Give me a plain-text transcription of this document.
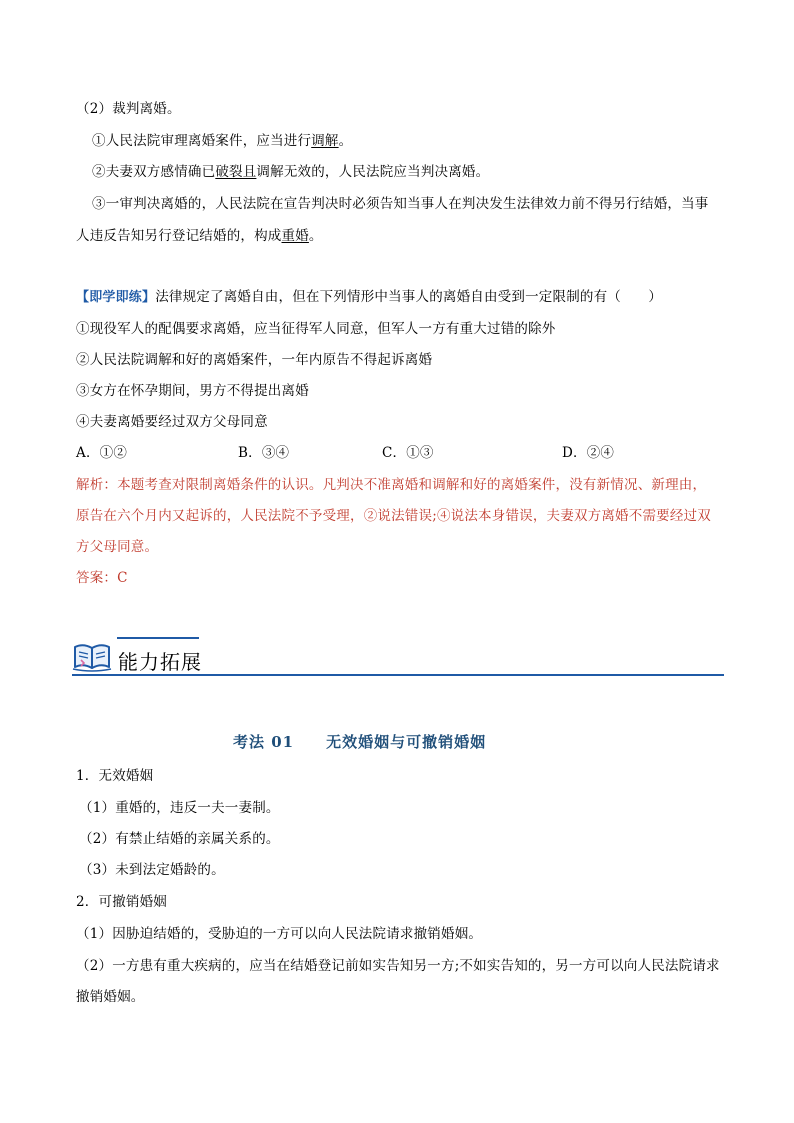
（2）裁判离婚。
①人民法院审理离婚案件，应当进行调解。
②夫妻双方感情确已破裂且调解无效的，人民法院应当判决离婚。
③一审判决离婚的，人民法院在宣告判决时必须告知当事人在判决发生法律效力前不得另行结婚，当事
人违反告知另行登记结婚的，构成重婚。
【即学即练】法律规定了离婚自由，但在下列情形中当事人的离婚自由受到一定限制的有（　　）
①现役军人的配偶要求离婚，应当征得军人同意，但军人一方有重大过错的除外
②人民法院调解和好的离婚案件，一年内原告不得起诉离婚
③女方在怀孕期间，男方不得提出离婚
④夫妻离婚要经过双方父母同意
A．①②	B．③④	C．①③	D．②④
解析：本题考查对限制离婚条件的认识。凡判决不准离婚和调解和好的离婚案件，没有新情况、新理由，
原告在六个月内又起诉的，人民法院不予受理，②说法错误;④说法本身错误，夫妻双方离婚不需要经过双
方父母同意。
答案：C
能力拓展
考法 01　　无效婚姻与可撤销婚姻
1．无效婚姻
（1）重婚的，违反一夫一妻制。
（2）有禁止结婚的亲属关系的。
（3）未到法定婚龄的。
2．可撤销婚姻
（1）因胁迫结婚的，受胁迫的一方可以向人民法院请求撤销婚姻。
（2）一方患有重大疾病的，应当在结婚登记前如实告知另一方;不如实告知的，另一方可以向人民法院请求
撤销婚姻。
